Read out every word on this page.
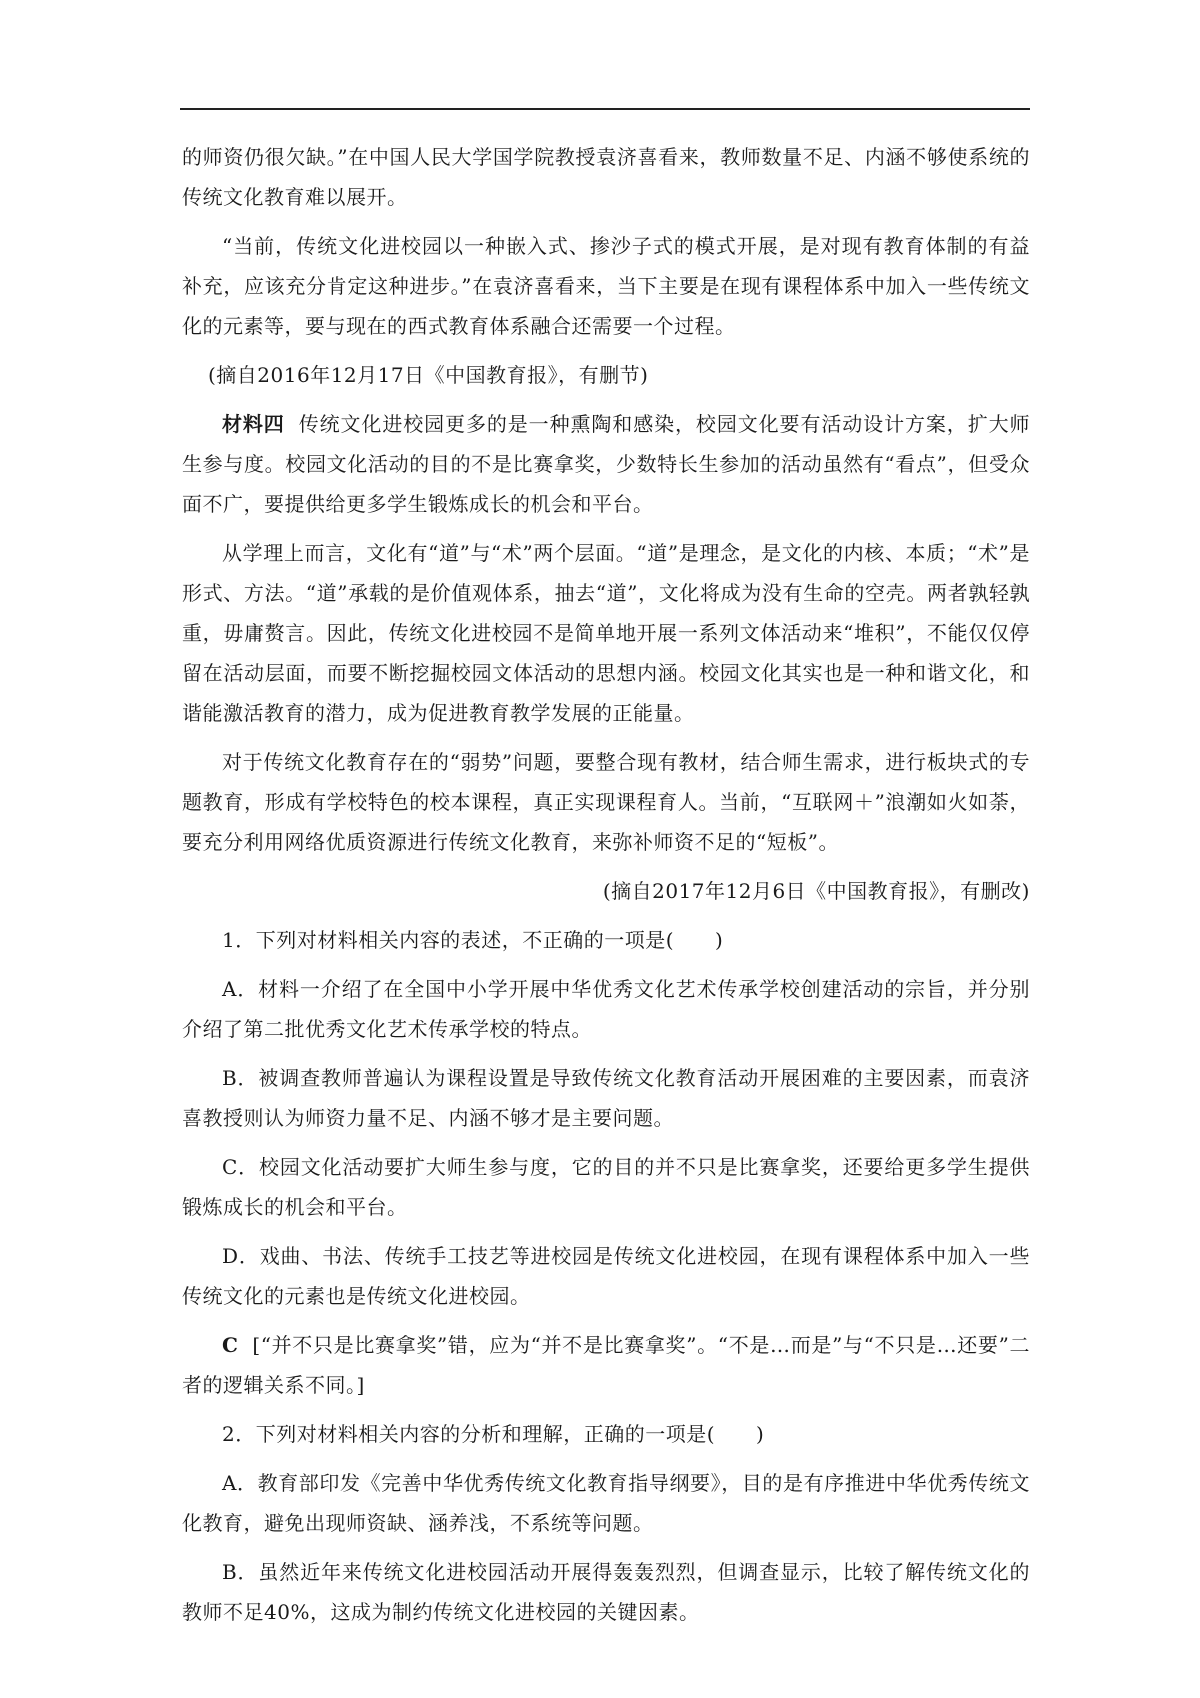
的师资仍很欠缺。”在中国人民大学国学院教授袁济喜看来，教师数量不足、内涵不够使系统的传统文化教育难以展开。

“当前，传统文化进校园以一种嵌入式、掺沙子式的模式开展，是对现有教育体制的有益补充，应该充分肯定这种进步。”在袁济喜看来，当下主要是在现有课程体系中加入一些传统文化的元素等，要与现在的西式教育体系融合还需要一个过程。

(摘自2016年12月17日《中国教育报》，有删节)

材料四 传统文化进校园更多的是一种熏陶和感染，校园文化要有活动设计方案，扩大师生参与度。校园文化活动的目的不是比赛拿奖，少数特长生参加的活动虽然有“看点”，但受众面不广，要提供给更多学生锻炼成长的机会和平台。

从学理上而言，文化有“道”与“术”两个层面。“道”是理念，是文化的内核、本质；“术”是形式、方法。“道”承载的是价值观体系，抽去“道”，文化将成为没有生命的空壳。两者孰轻孰重，毋庸赘言。因此，传统文化进校园不是简单地开展一系列文体活动来“堆积”，不能仅仅停留在活动层面，而要不断挖掘校园文体活动的思想内涵。校园文化其实也是一种和谐文化，和谐能激活教育的潜力，成为促进教育教学发展的正能量。

对于传统文化教育存在的“弱势”问题，要整合现有教材，结合师生需求，进行板块式的专题教育，形成有学校特色的校本课程，真正实现课程育人。当前，“互联网＋”浪潮如火如荼，要充分利用网络优质资源进行传统文化教育，来弥补师资不足的“短板”。

(摘自2017年12月6日《中国教育报》，有删改)

1．下列对材料相关内容的表述，不正确的一项是(　　)

A．材料一介绍了在全国中小学开展中华优秀文化艺术传承学校创建活动的宗旨，并分别介绍了第二批优秀文化艺术传承学校的特点。

B．被调查教师普遍认为课程设置是导致传统文化教育活动开展困难的主要因素，而袁济喜教授则认为师资力量不足、内涵不够才是主要问题。

C．校园文化活动要扩大师生参与度，它的目的并不只是比赛拿奖，还要给更多学生提供锻炼成长的机会和平台。

D．戏曲、书法、传统手工技艺等进校园是传统文化进校园，在现有课程体系中加入一些传统文化的元素也是传统文化进校园。

C [“并不只是比赛拿奖”错，应为“并不是比赛拿奖”。“不是…而是”与“不只是…还要”二者的逻辑关系不同。]

2．下列对材料相关内容的分析和理解，正确的一项是(　　)

A．教育部印发《完善中华优秀传统文化教育指导纲要》，目的是有序推进中华优秀传统文化教育，避免出现师资缺、涵养浅，不系统等问题。

B．虽然近年来传统文化进校园活动开展得轰轰烈烈，但调查显示，比较了解传统文化的教师不足40%，这成为制约传统文化进校园的关键因素。
